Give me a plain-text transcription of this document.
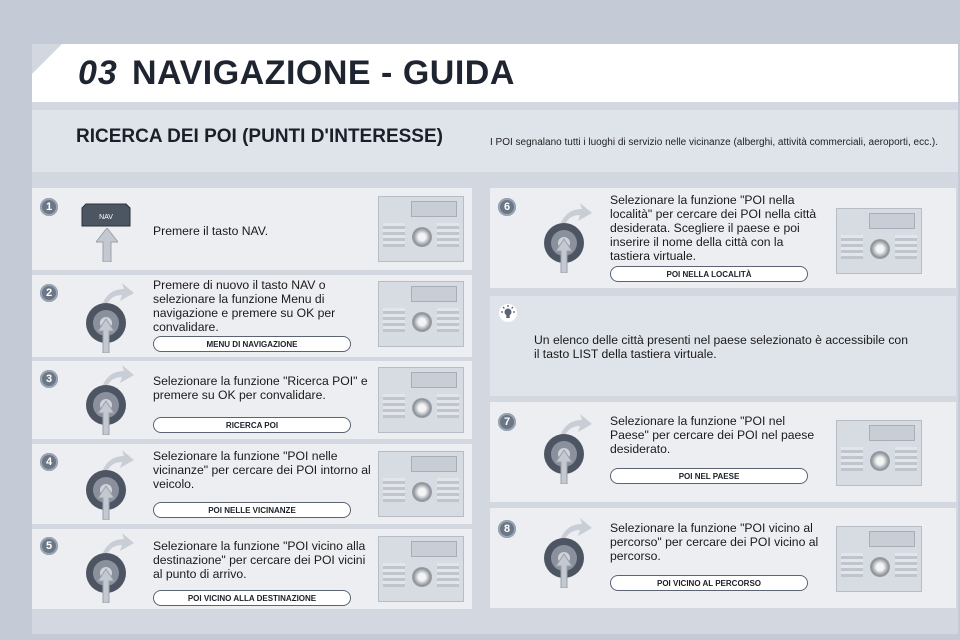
03 NAVIGAZIONE - GUIDA
RICERCA DEI POI (PUNTI D'INTERESSE)	I POI segnalano tutti i luoghi di servizio nelle vicinanze (alberghi, attività commerciali, aeroporti, ecc.).
1
NAV
Premere il tasto NAV.
2
Premere di nuovo il tasto NAV o selezionare la funzione Menu di navigazione e premere su OK per convalidare.
MENU DI NAVIGAZIONE
3	Selezionare la funzione "Ricerca POI" e premere su OK per convalidare.
RICERCA POI
4	Selezionare la funzione "POI nelle vicinanze" per cercare dei POI intorno al veicolo.
POI NELLE VICINANZE
5	Selezionare la funzione "POI vicino alla destinazione" per cercare dei POI vicini al punto di arrivo.
POI VICINO ALLA DESTINAZIONE
6	Selezionare la funzione "POI nella località" per cercare dei POI nella città desiderata. Scegliere il paese e poi inserire il nome della città con la tastiera virtuale.
POI NELLA LOCALITÀ
Un elenco delle città presenti nel paese selezionato è accessibile con il tasto LIST della tastiera virtuale.
7	Selezionare la funzione "POI nel Paese" per cercare dei POI nel paese desiderato.
POI NEL PAESE
8	Selezionare la funzione "POI vicino al percorso" per cercare dei POI vicino al percorso.
POI VICINO AL PERCORSO
